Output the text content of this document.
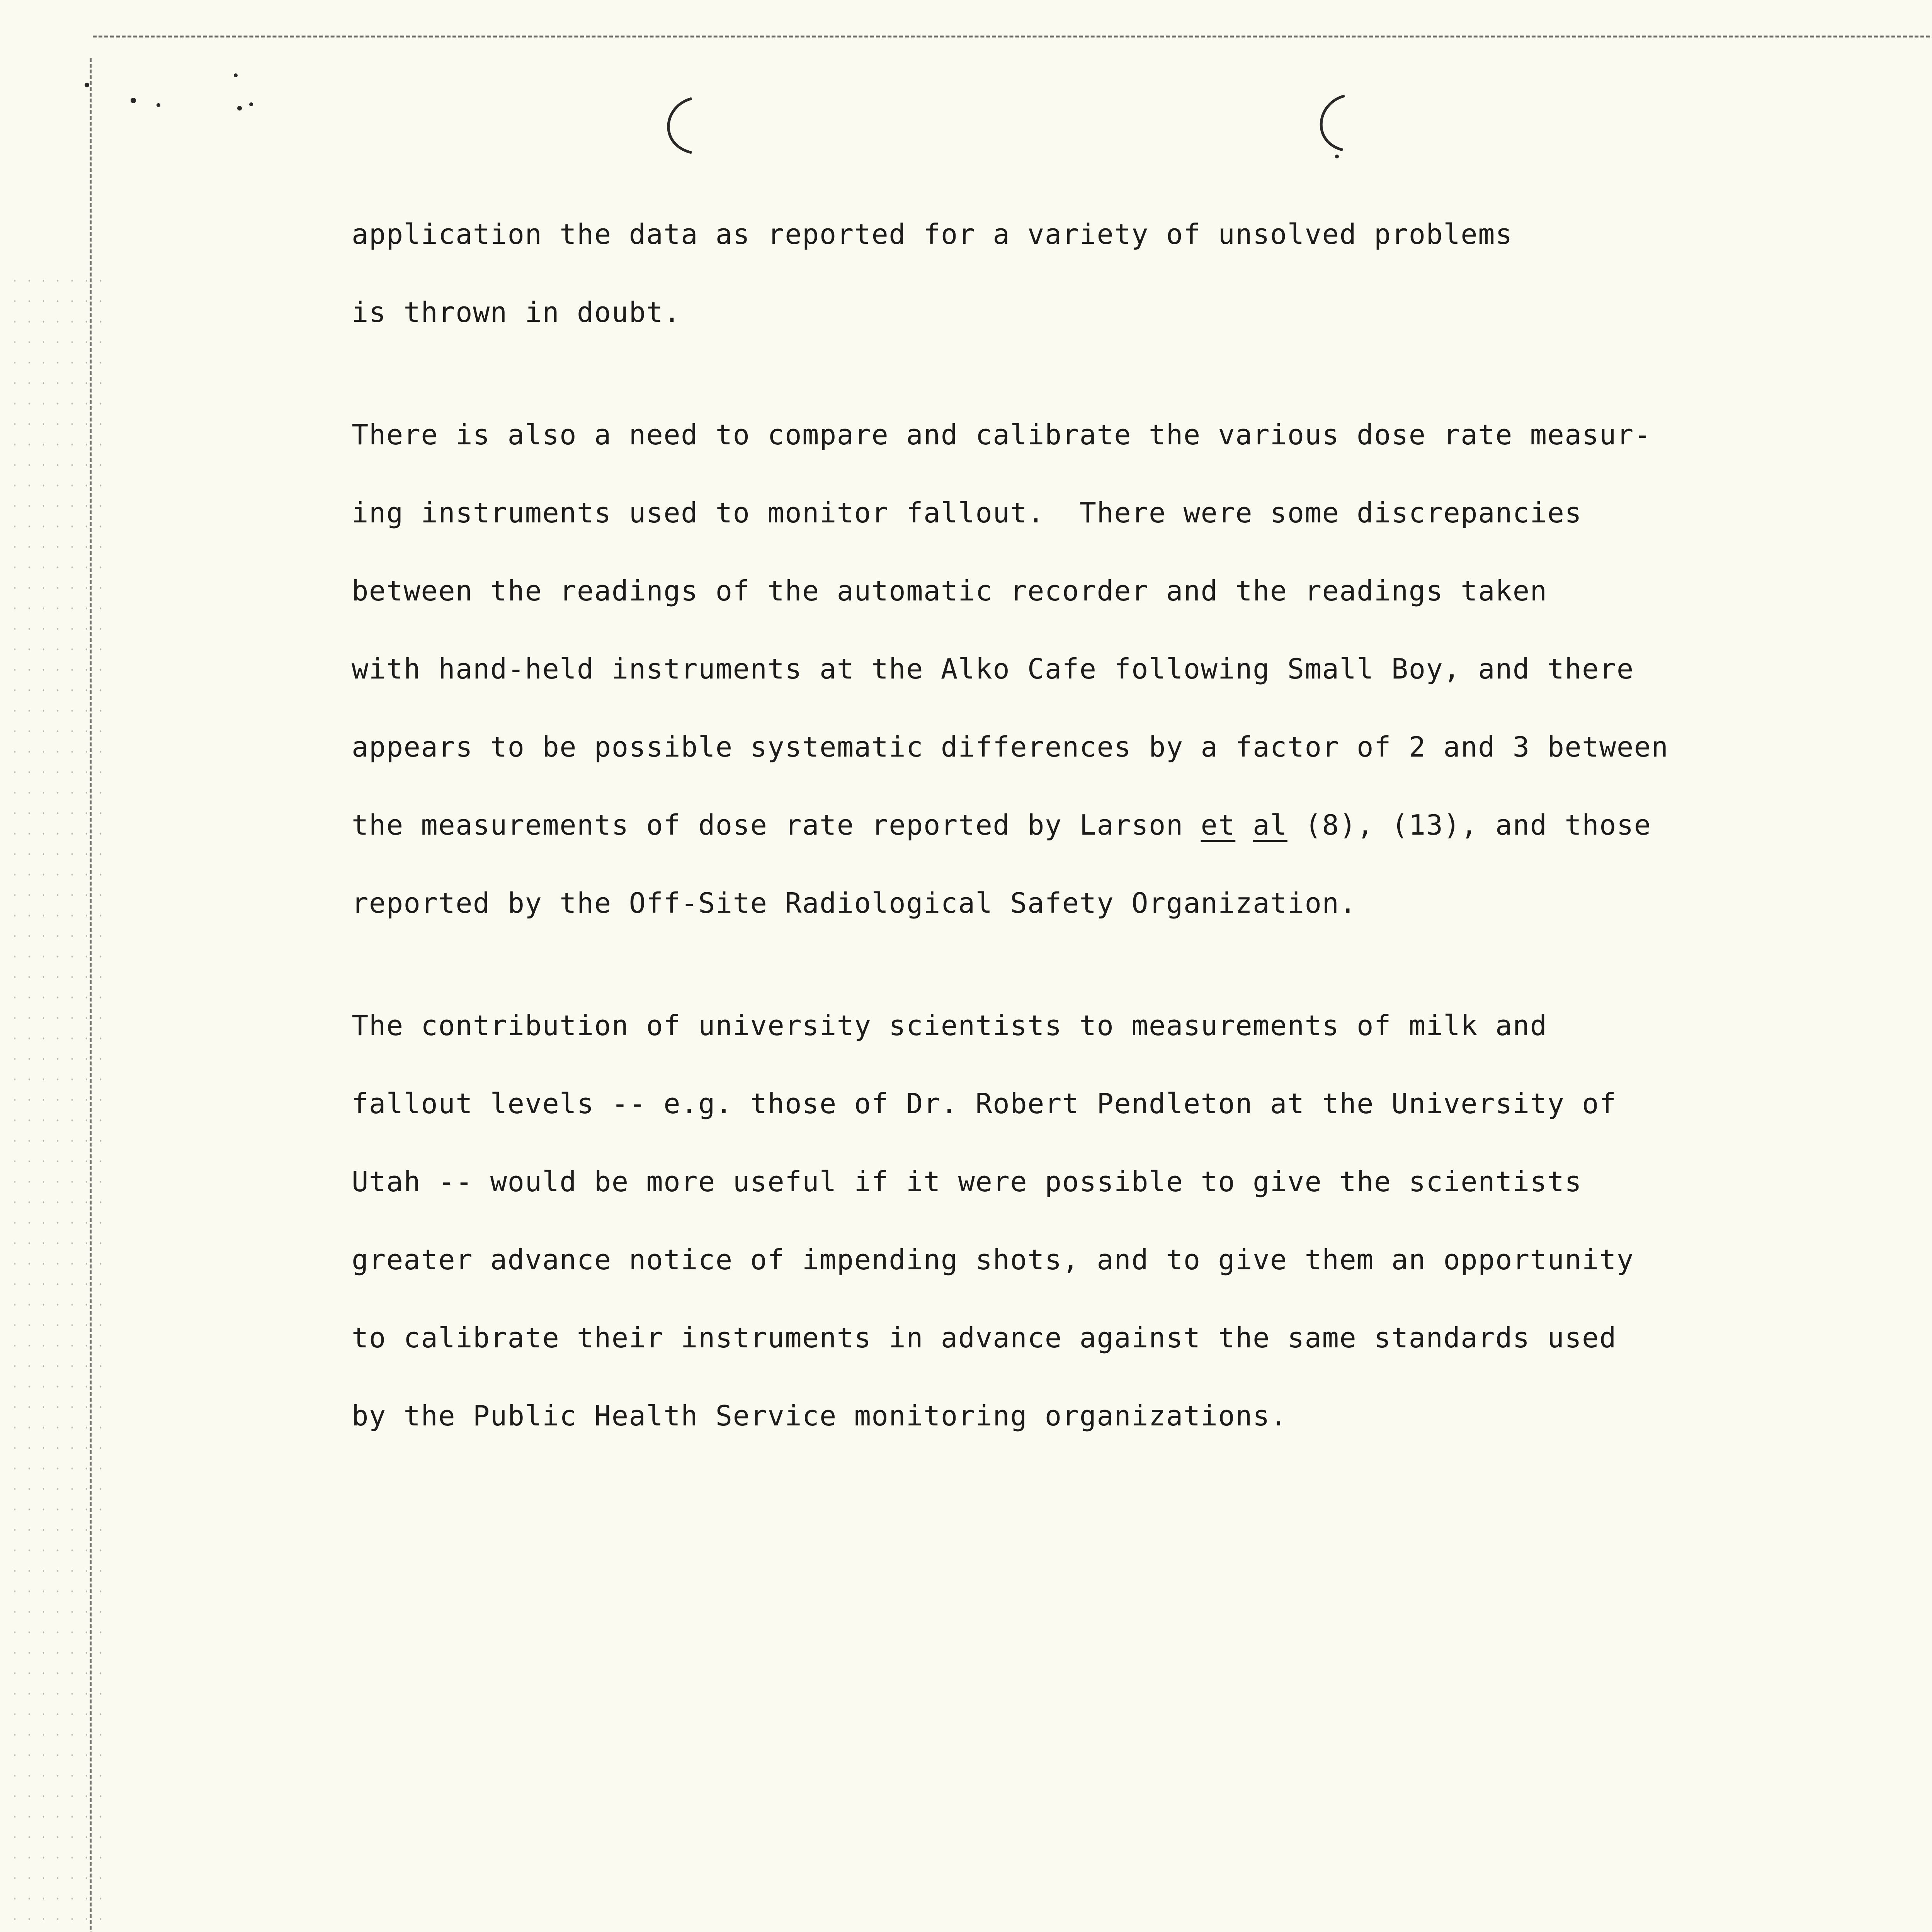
application the data as reported for a variety of unsolved problems
is thrown in doubt.
There is also a need to compare and calibrate the various dose rate measur-
ing instruments used to monitor fallout.  There were some discrepancies
between the readings of the automatic recorder and the readings taken
with hand-held instruments at the Alko Cafe following Small Boy, and there
appears to be possible systematic differences by a factor of 2 and 3 between
the measurements of dose rate reported by Larson et al (8), (13), and those
reported by the Off-Site Radiological Safety Organization.
The contribution of university scientists to measurements of milk and
fallout levels -- e.g. those of Dr. Robert Pendleton at the University of
Utah -- would be more useful if it were possible to give the scientists
greater advance notice of impending shots, and to give them an opportunity
to calibrate their instruments in advance against the same standards used
by the Public Health Service monitoring organizations.
